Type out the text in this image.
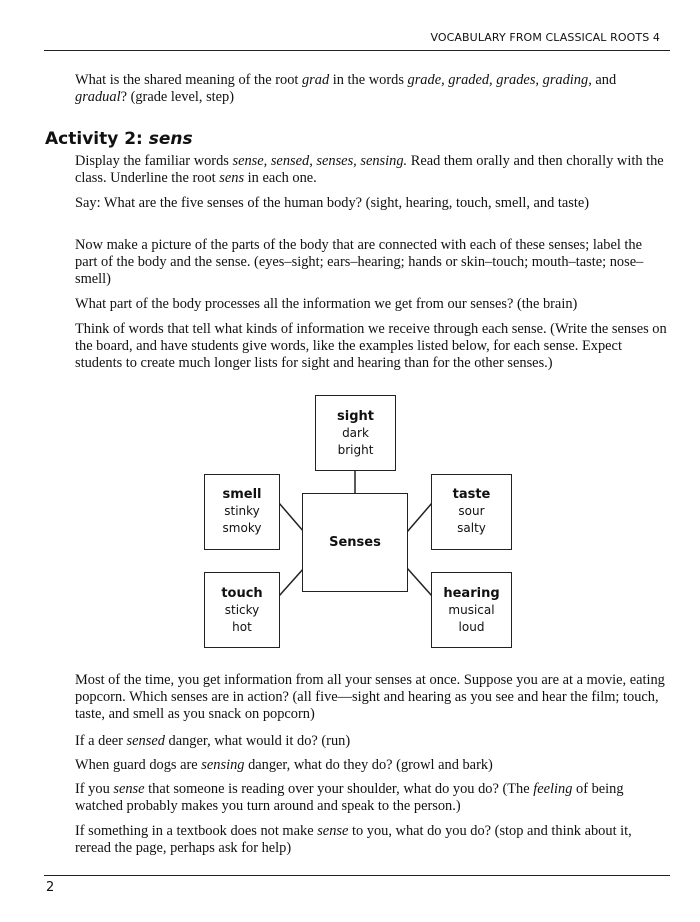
VOCABULARY FROM CLASSICAL ROOTS 4
What is the shared meaning of the root grad in the words grade, graded, grades, grading, and gradual? (grade level, step)
Activity 2: sens
Display the familiar words sense, sensed, senses, sensing. Read them orally and then chorally with the class. Underline the root sens in each one.
Say: What are the five senses of the human body? (sight, hearing, touch, smell, and taste)
Now make a picture of the parts of the body that are connected with each of these senses; label the part of the body and the sense. (eyes–sight; ears–hearing; hands or skin–touch; mouth–taste; nose–smell)
What part of the body processes all the information we get from our senses? (the brain)
Think of words that tell what kinds of information we receive through each sense. (Write the senses on the board, and have students give words, like the examples listed below, for each sense. Expect students to create much longer lists for sight and hearing than for the other senses.)
sight
dark
bright
smell
stinky
smoky
Senses
taste
sour
salty
touch
sticky
hot
hearing
musical
loud
Most of the time, you get information from all your senses at once. Suppose you are at a movie, eating popcorn. Which senses are in action? (all five—sight and hearing as you see and hear the film; touch, taste, and smell as you snack on popcorn)
If a deer sensed danger, what would it do? (run)
When guard dogs are sensing danger, what do they do? (growl and bark)
If you sense that someone is reading over your shoulder, what do you do? (The feeling of being watched probably makes you turn around and speak to the person.)
If something in a textbook does not make sense to you, what do you do? (stop and think about it, reread the page, perhaps ask for help)
2
